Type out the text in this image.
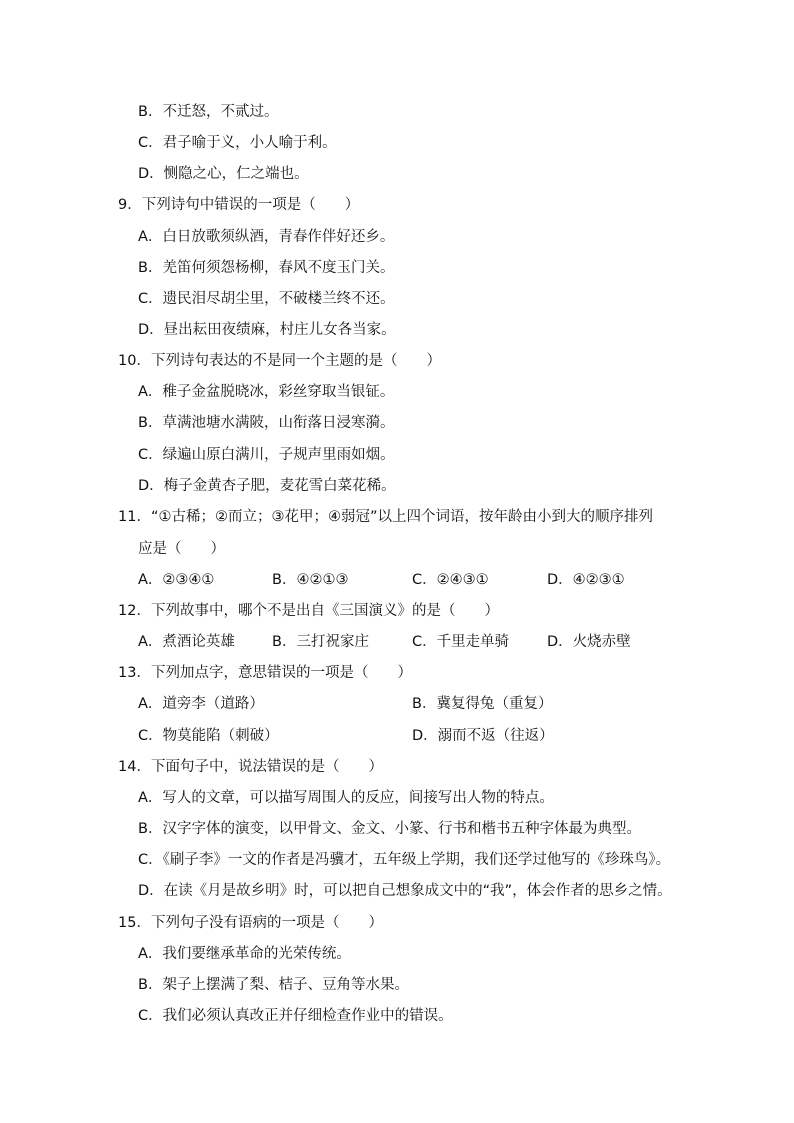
B．不迁怒，不贰过。
C．君子喻于义，小人喻于利。
D．恻隐之心，仁之端也。
9．下列诗句中错误的一项是（　　）
A．白日放歌须纵酒，青春作伴好还乡。
B．羌笛何须怨杨柳，春风不度玉门关。
C．遗民泪尽胡尘里，不破楼兰终不还。
D．昼出耘田夜绩麻，村庄儿女各当家。
10．下列诗句表达的不是同一个主题的是（　　）
A．稚子金盆脱晓冰，彩丝穿取当银钲。
B．草满池塘水满陂，山衔落日浸寒漪。
C．绿遍山原白满川，子规声里雨如烟。
D．梅子金黄杏子肥，麦花雪白菜花稀。
11．“①古稀；②而立；③花甲；④弱冠”以上四个词语，按年龄由小到大的顺序排列
应是（　　）
A．②③④①	B．④②①③	C．②④③①	D．④②③①
12．下列故事中，哪个不是出自《三国演义》的是（　　）
A．煮酒论英雄	B．三打祝家庄	C．千里走单骑	D．火烧赤壁
13．下列加点字，意思错误的一项是（　　）
A．道旁李（道路）	B．冀复得兔（重复）
C．物莫能陷（刺破）	D．溺而不返（往返）
14．下面句子中，说法错误的是（　　）
A．写人的文章，可以描写周围人的反应，间接写出人物的特点。
B．汉字字体的演变，以甲骨文、金文、小篆、行书和楷书五种字体最为典型。
C．《刷子李》一文的作者是冯骥才，五年级上学期，我们还学过他写的《珍珠鸟》。
D．在读《月是故乡明》时，可以把自己想象成文中的“我”，体会作者的思乡之情。
15．下列句子没有语病的一项是（　　）
A．我们要继承革命的光荣传统。
B．架子上摆满了梨、桔子、豆角等水果。
C．我们必须认真改正并仔细检查作业中的错误。
